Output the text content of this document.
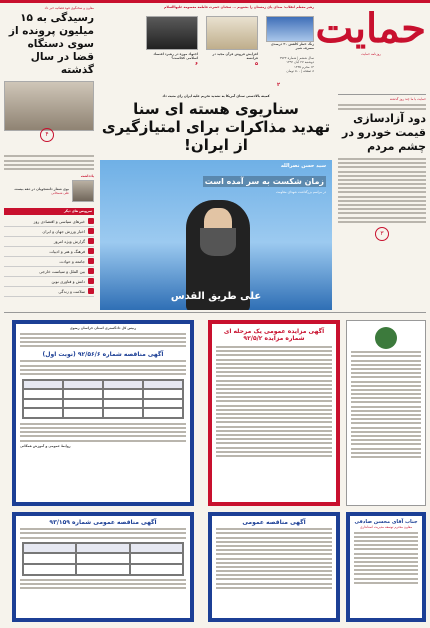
حمایت
روزنامه حمایت
رهبر معظم انقلاب: صدای پای زمستان را بشنویم ... سخنان حضرت فاطمه معصومه علیهاالسلام
سال ششم | شماره ۲۷۴۴
دوشنبه ۲۷ آبان ۱۳۹۲
۱۴ محرم ۱۴۳۵
۸ صفحه | ۵۰۰ تومان
زنگ خطر کاهش ۲۰ درصدی مصرف شیر
افزایش فروش قرآن مجید در فرانسه
۵
اجتهاد موزه در رهبرد اقتصاد اسلامی کجاست؟
۶
۲
معاون و سخنگوی قوه قضائیه خبر داد
رسیدگی به ۱۵ میلیون پرونده از سوی دستگاه قضا در سال گذشته
۴
یادداشت
بوی شعار دانشجویان در دهه بیست
علی شمخانی
سرویس های دیگر
خبرهای سیاسی و اقتصادی روز
اخبار ورزش جهان و ایران
گزارش ویژه امروز
فرهنگ و هنر و ادبیات
جامعه و حوادث
بین الملل و سیاست خارجی
دانش و فناوری نوین
سلامت و زندگی
کمیته بالادستی سنای آمریکا به تشدید تحریم علیه ایران رای مثبت داد
سناریوی هسته ای سنا
تهدید مذاکرات برای امتیازگیری از ایران!
سید حسن نصرالله
زمان شکست به سر آمده است
در مراسم بزرگداشت شهدای مقاومت
علی طریق القدس
حمایت با ما چند روز گذشته
دود آزادسازی قیمت خودرو در چشم مردم
۳
رییس کل دادگستری استان خراسان رضوی
آگهی مناقصه شماره ۹۲/۵۶/۶ (نوبت اول)
روابط عمومی و آموزش همگانی
آگهی مزایده عمومی یک مرحله ای
شماره مزایده ۹۲/۵/۲
آگهی مناقصه عمومی شماره ۹۳/۱۵۹	آگهی مناقصه عمومی	جناب آقای محسن صادقی
معاون محترم توسعه مدیریت استانداری
